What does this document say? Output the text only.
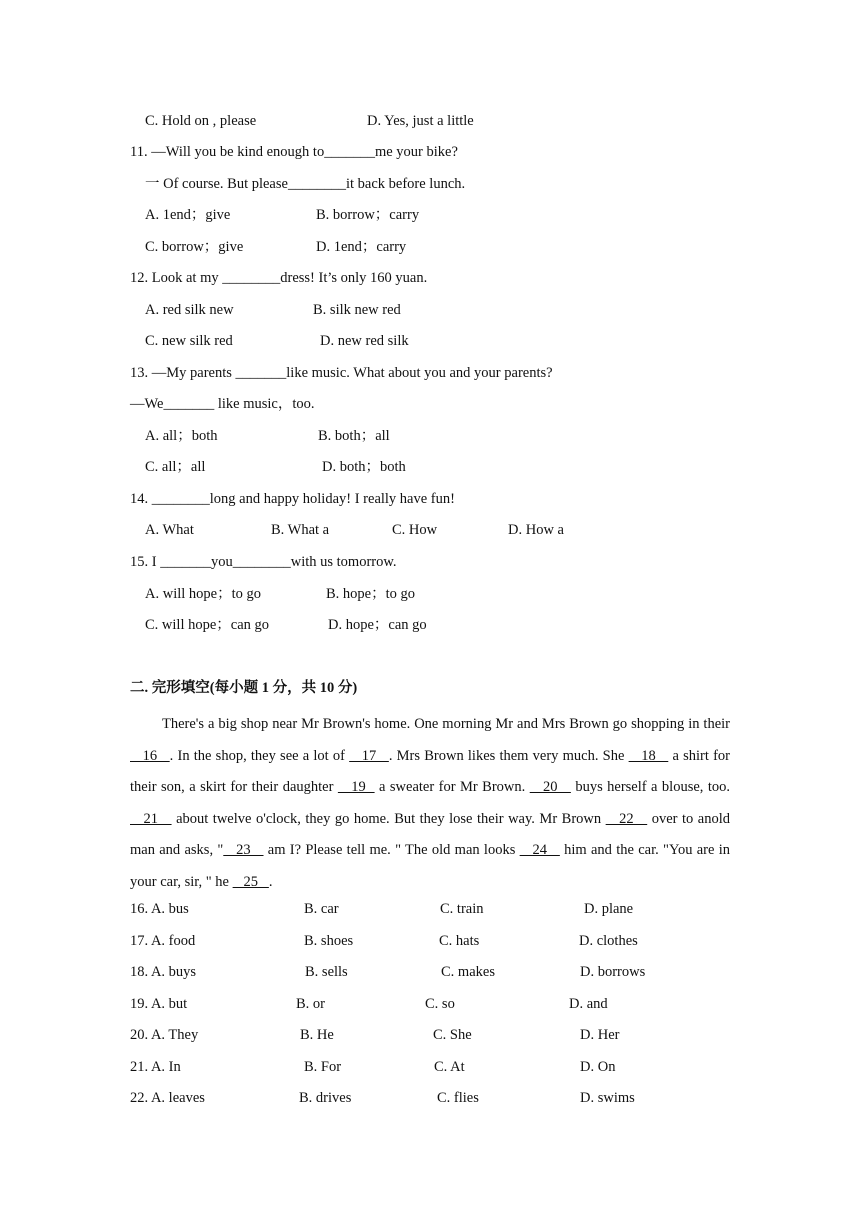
C. Hold on , please	D. Yes, just a little
11. —Will you be kind enough to_______me your bike?
一 Of course. But please________it back before lunch.
A. 1end；give	B. borrow；carry
C. borrow；give	D. 1end；carry
12. Look at my ________dress! It’s only 160 yuan.
A. red silk new	B. silk new red
C. new silk red	D. new red silk
13. —My parents _______like music. What about you and your parents?
—We_______ like music，too.
A. all；both	B. both；all
C. all；all	D. both；both
14. ________long and happy holiday! I really have fun!
A. What	B. What a	C. How	D. How a
15. I _______you________with us tomorrow.
A. will hope；to go	B. hope；to go
C. will hope；can go	D. hope；can go
二. 完形填空(每小题 1 分，共 10 分)
There's a big shop near Mr Brown's home. One morning Mr and Mrs Brown go shopping in their    16   . In the shop, they see a lot of    17   . Mrs Brown likes them very much. She    18    a shirt for their son, a skirt for their daughter    19   a sweater for Mr Brown.    20    buys herself a blouse, too.    21    about twelve o'clock, they go home. But they lose their way. Mr Brown    22    over to anold man and asks, "   23    am I? Please tell me. " The old man looks    24    him and the car. "You are in your car, sir, " he    25   .
16. A. bus	B. car	C. train	D. plane
17. A. food	B. shoes	C. hats	D. clothes
18. A. buys	B. sells	C. makes	D. borrows
19. A. but	B. or	C. so	D. and
20. A. They	B. He	C. She	D. Her
21. A. In	B. For	C. At	D. On
22. A. leaves	B. drives	C. flies	D. swims
